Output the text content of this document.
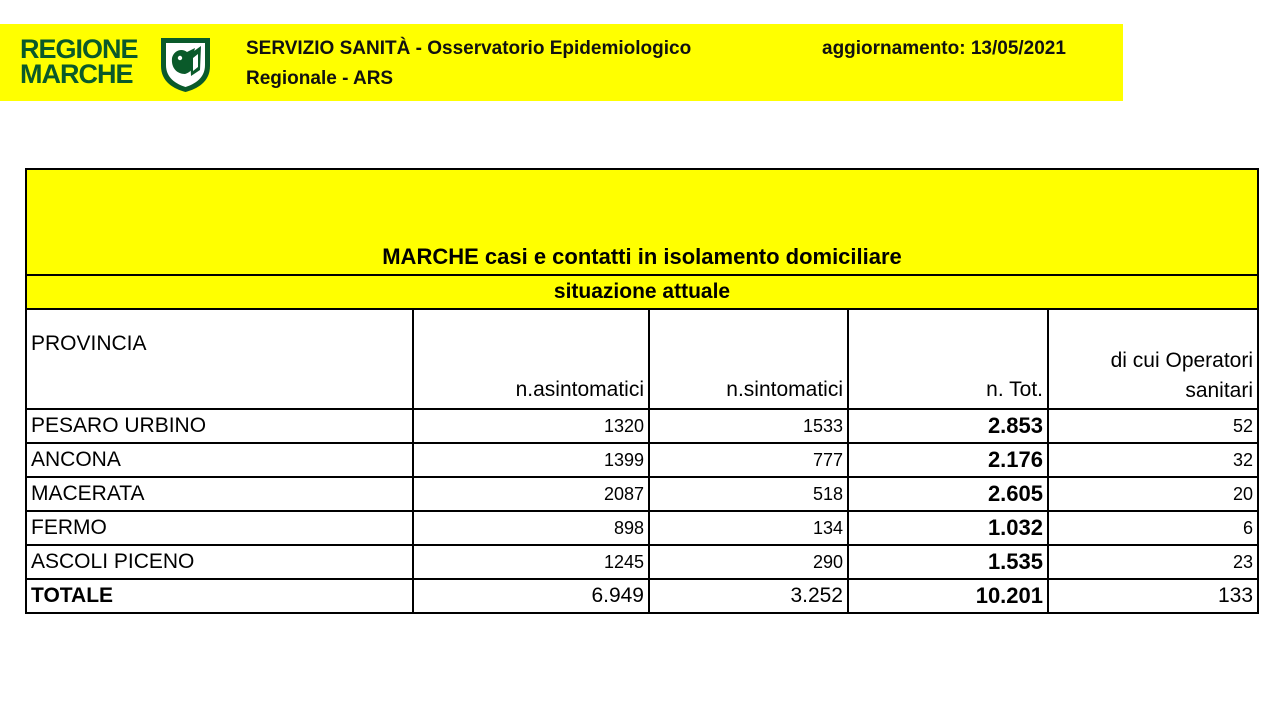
REGIONE
MARCHE
SERVIZIO SANITÀ - Osservatorio Epidemiologico
Regionale - ARS
aggiornamento: 13/05/2021
MARCHE casi e contatti in isolamento domiciliare				
situazione attuale				
PROVINCIA	n.asintomatici	n.sintomatici	n. Tot.	di cui Operatori
sanitari

PESARO URBINO	1320	1533	2.853	52
ANCONA	1399	777	2.176	32
MACERATA	2087	518	2.605	20
FERMO	898	134	1.032	6
ASCOLI PICENO	1245	290	1.535	23
TOTALE	6.949	3.252	10.201	133
